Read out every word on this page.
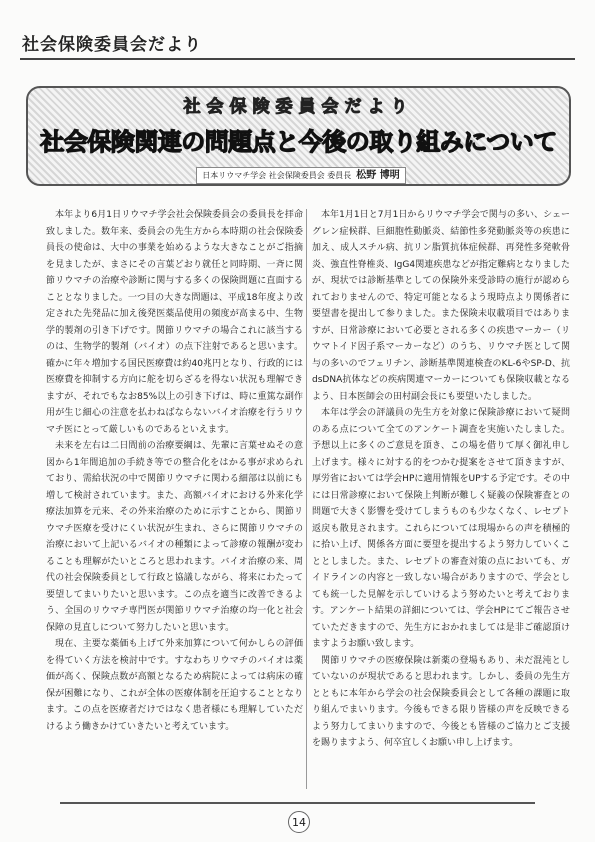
社会保険委員会だより
社会保険委員会だより
社会保険関連の問題点と今後の取り組みについて
日本リウマチ学会 社会保険委員会 委員長 松野 博明

本年より6月1日リウマチ学会社会保険委員会の委員長を拝命致しました。数年来、委員会の先生方から本時期の社会保険委員長の使命は、大中の事業を始めるような大きなことがご指摘を見ましたが、まさにその言葉どおり就任と同時期、一斉に関節リウマチの治療や診断に関与する多くの保険問題に直面することとなりました。一つ目の大きな問題は、平成18年度より改定された先発品に加え後発医薬品使用の頻度が高まる中、生物学的製剤の引き下げです。関節リウマチの場合これに該当するのは、生物学的製剤（バイオ）の点下注射であると思います。確かに年々増加する国民医療費は約40兆円となり、行政的には医療費を抑制する方向に舵を切らざるを得ない状況も理解できますが、それでもなお85%以上の引き下げは、時に重篤な副作用が生じ細心の注意を払わねばならないバイオ治療を行うリウマチ医にとって厳しいものであるといえます。

未来を左右は二日間前の治療要綱は、先輩に言葉せぬその意図から1年間追加の手続き等での整合化をはかる事が求められており、需給状況の中で関節リウマチに関わる細部は以前にも増して検討されています。また、高額バイオにおける外来化学療法加算を元来、その外来治療のために示すことから、関節リウマチ医療を受けにくい状況が生まれ、さらに関節リウマチの治療において上記いるバイオの種類によって診療の報酬が変わることも理解がたいところと思われます。バイオ治療の来、周代の社会保険委員として行政と協議しながら、将来にわたって要望してまいりたいと思います。この点を適当に改善できるよう、全国のリウマチ専門医が関節リウマチ治療の均一化と社会保障の見直しについて努力したいと思います。

現在、主要な薬価も上げて外来加算について何かしらの評価を得ていく方法を検討中です。すなわちリウマチのバイオは薬価が高く、保険点数が高額となるため病院によっては病床の確保が困難になり、これが全体の医療体制を圧迫することとなります。この点を医療者だけではなく患者様にも理解していただけるよう働きかけていきたいと考えています。

本年1月1日と7月1日からリウマチ学会で関与の多い、シェーグレン症候群、巨細胞性動脈炎、結節性多発動脈炎等の疾患に加え、成人スチル病、抗リン脂質抗体症候群、再発性多発軟骨炎、強直性脊椎炎、IgG4関連疾患などが指定難病となりましたが、現状では診断基準としての保険外来受診時の施行が認められておりませんので、特定可能となるよう現時点より関係者に要望書を提出して参りました。また保険未収載項目ではありますが、日常診療において必要とされる多くの疾患マーカー（リウマトイド因子系マーカーなど）のうち、リウマチ医として関与の多いのでフェリチン、診断基準関連検査のKL-6やSP-D、抗dsDNA抗体などの疾病関連マーカーについても保険収載となるよう、日本医師会の田村副会長にも要望いたしました。

本年は学会の評議員の先生方を対象に保険診療において疑問のある点について全てのアンケート調査を実施いたしました。予想以上に多くのご意見を頂き、この場を借りて厚く御礼申し上げます。様々に対する的をつかむ提案をさせて頂きますが、厚労省においては学会HPに適用情報をUPする予定です。その中には日常診療において保険上判断が難しく疑義の保険審査との問題で大きく影響を受けてしまうものも少なくなく、レセプト返戻も散見されます。これらについては現場からの声を積極的に拾い上げ、関係各方面に要望を提出するよう努力していくこととしました。また、レセプトの審査対策の点においても、ガイドラインの内容と一致しない場合がありますので、学会としても統一した見解を示していけるよう努めたいと考えております。アンケート結果の詳細については、学会HPにてご報告させていただきますので、先生方におかれましては是非ご確認頂けますようお願い致します。

関節リウマチの医療保険は新薬の登場もあり、未だ混沌としていないのが現状であると思われます。しかし、委員の先生方とともに本年から学会の社会保険委員会として各種の課題に取り組んでまいります。今後もできる限り皆様の声を反映できるよう努力してまいりますので、今後とも皆様のご協力とご支援を賜りますよう、何卒宜しくお願い申し上げます。

14
